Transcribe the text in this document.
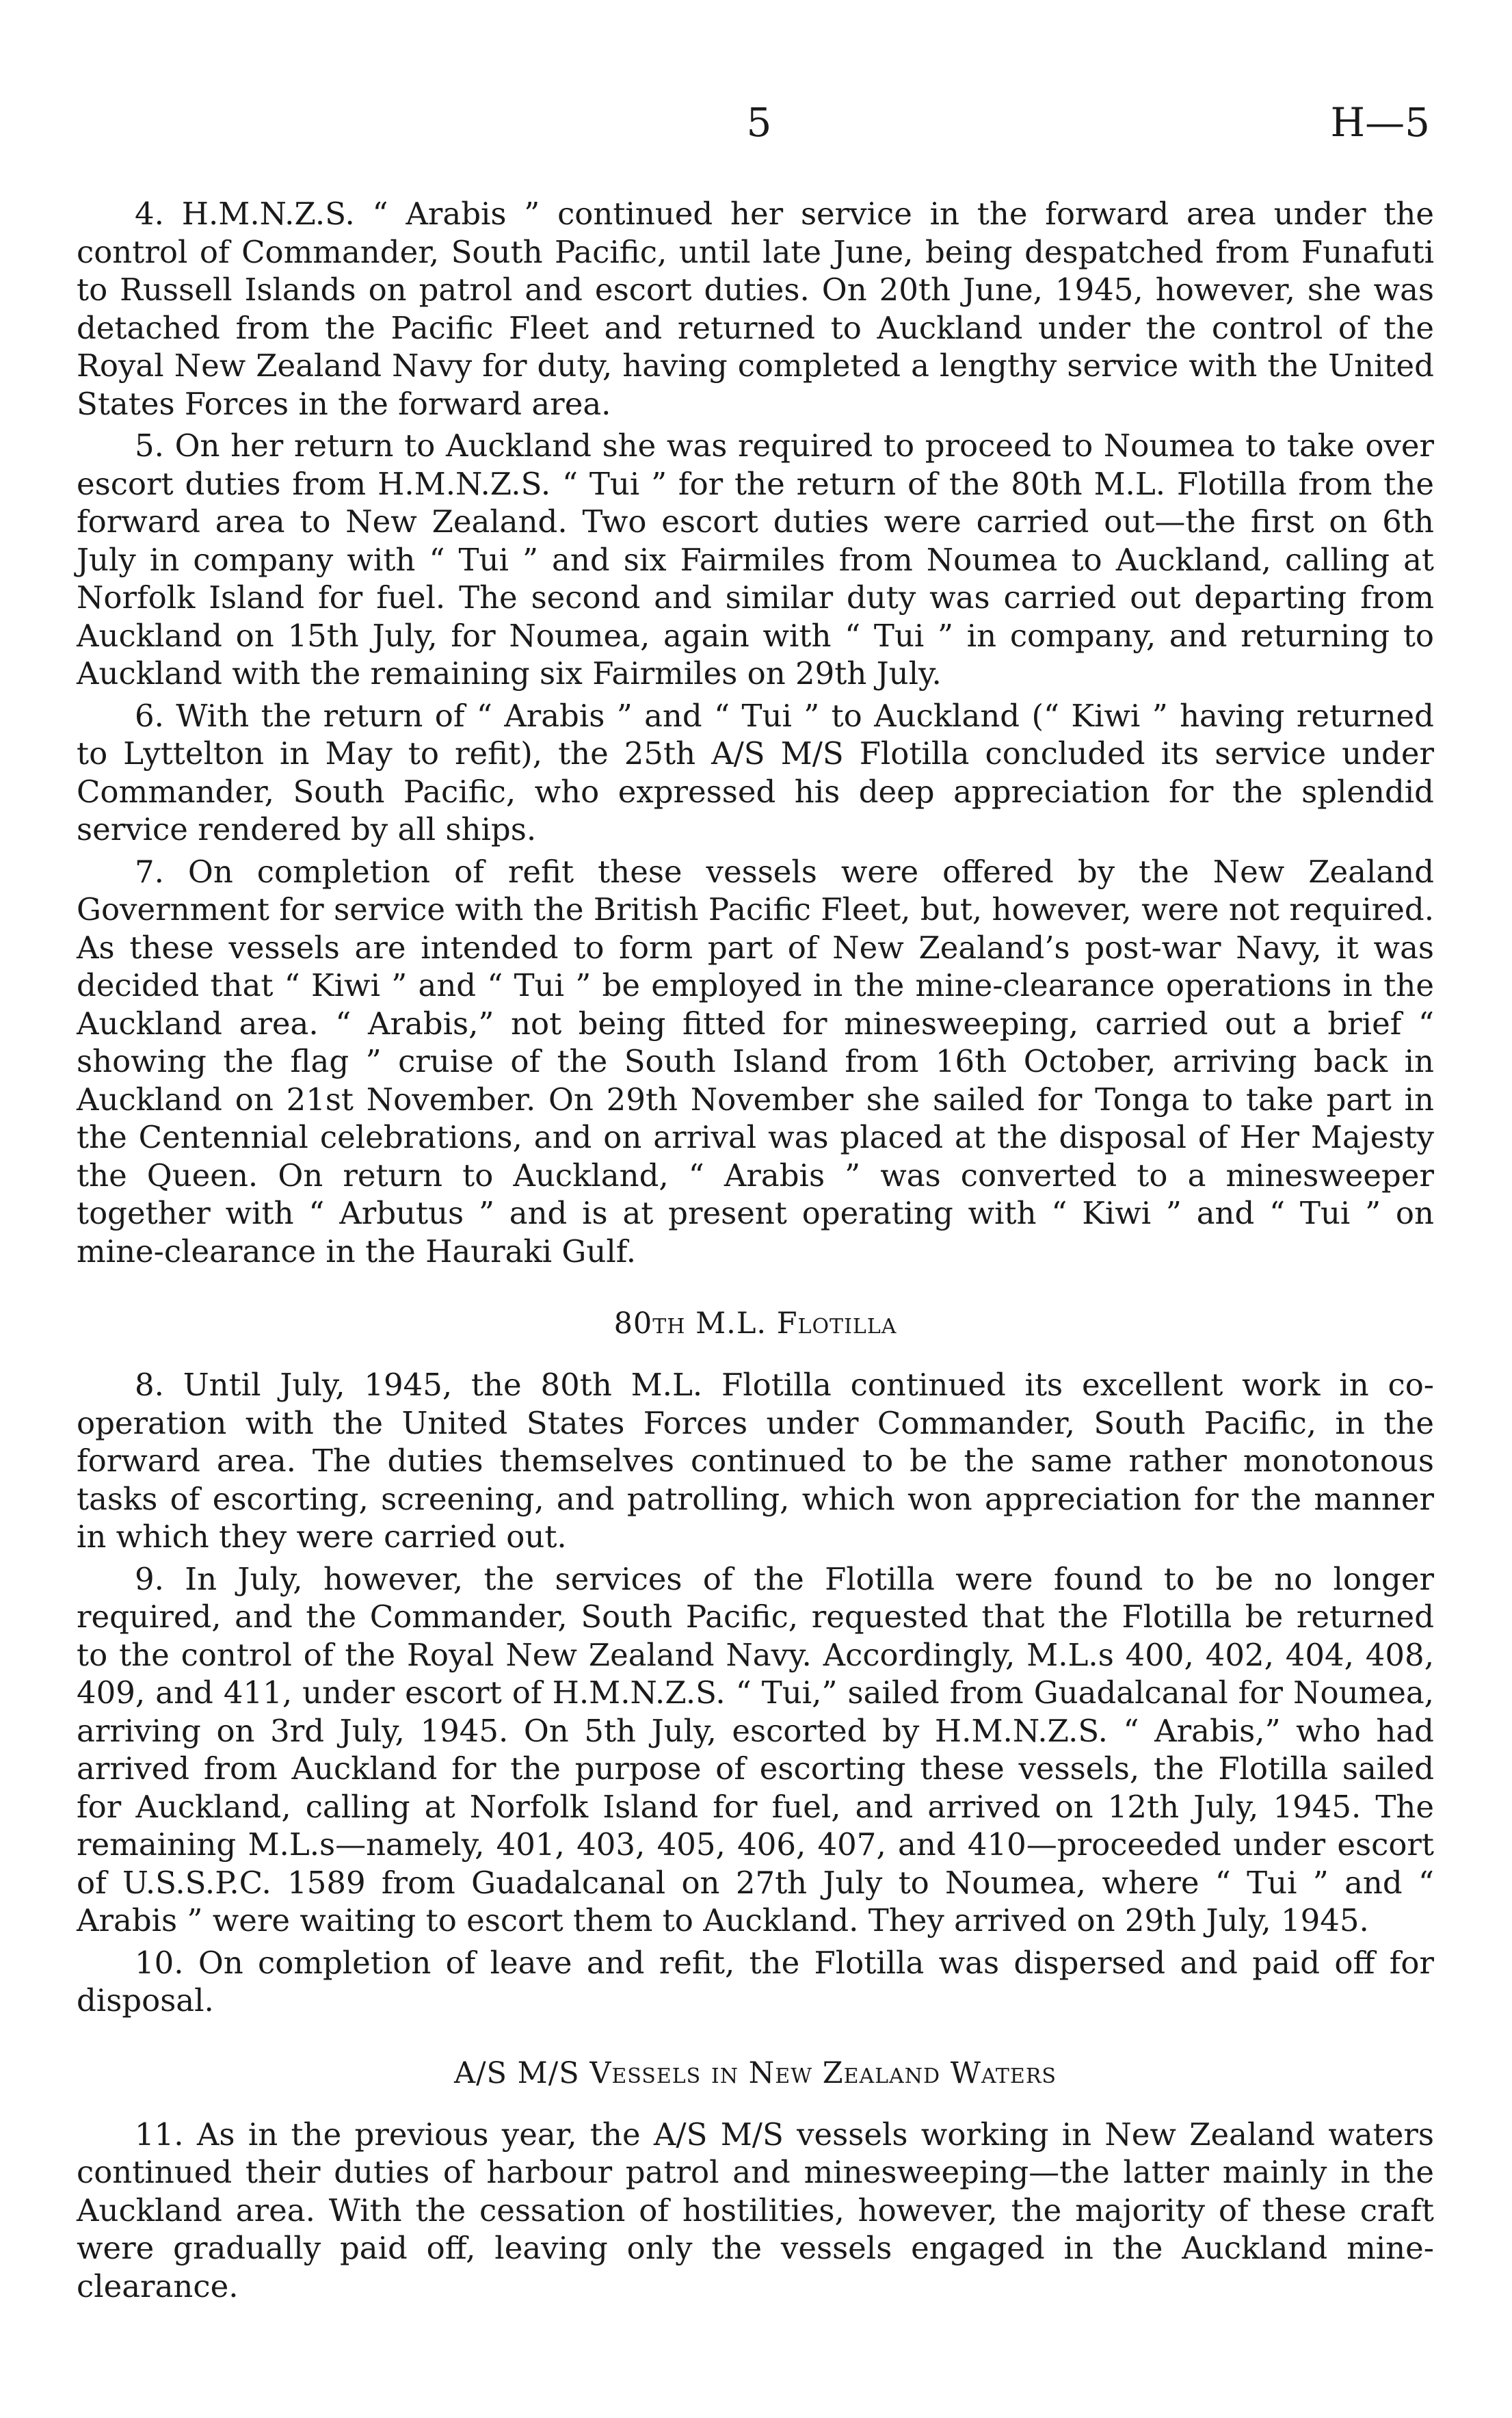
5	H—5

4. H.M.N.Z.S. “ Arabis ” continued her service in the forward area under the control of Commander, South Pacific, until late June, being despatched from Funafuti to Russell Islands on patrol and escort duties. On 20th June, 1945, however, she was detached from the Pacific Fleet and returned to Auckland under the control of the Royal New Zealand Navy for duty, having completed a lengthy service with the United States Forces in the forward area.

5. On her return to Auckland she was required to proceed to Noumea to take over escort duties from H.M.N.Z.S. “ Tui ” for the return of the 80th M.L. Flotilla from the forward area to New Zealand. Two escort duties were carried out—the first on 6th July in company with “ Tui ” and six Fairmiles from Noumea to Auckland, calling at Norfolk Island for fuel. The second and similar duty was carried out departing from Auckland on 15th July, for Noumea, again with “ Tui ” in company, and returning to Auckland with the remaining six Fairmiles on 29th July.

6. With the return of “ Arabis ” and “ Tui ” to Auckland (“ Kiwi ” having returned to Lyttelton in May to refit), the 25th A/S M/S Flotilla concluded its service under Commander, South Pacific, who expressed his deep appreciation for the splendid service rendered by all ships.

7. On completion of refit these vessels were offered by the New Zealand Government for service with the British Pacific Fleet, but, however, were not required. As these vessels are intended to form part of New Zealand’s post-war Navy, it was decided that “ Kiwi ” and “ Tui ” be employed in the mine-clearance operations in the Auckland area. “ Arabis,” not being fitted for minesweeping, carried out a brief “ showing the flag ” cruise of the South Island from 16th October, arriving back in Auckland on 21st November. On 29th November she sailed for Tonga to take part in the Centennial celebrations, and on arrival was placed at the disposal of Her Majesty the Queen. On return to Auckland, “ Arabis ” was converted to a minesweeper together with “ Arbutus ” and is at present operating with “ Kiwi ” and “ Tui ” on mine-clearance in the Hauraki Gulf.

80th M.L. Flotilla

8. Until July, 1945, the 80th M.L. Flotilla continued its excellent work in co-operation with the United States Forces under Commander, South Pacific, in the forward area. The duties themselves continued to be the same rather monotonous tasks of escorting, screening, and patrolling, which won appreciation for the manner in which they were carried out.

9. In July, however, the services of the Flotilla were found to be no longer required, and the Commander, South Pacific, requested that the Flotilla be returned to the control of the Royal New Zealand Navy. Accordingly, M.L.s 400, 402, 404, 408, 409, and 411, under escort of H.M.N.Z.S. “ Tui,” sailed from Guadalcanal for Noumea, arriving on 3rd July, 1945. On 5th July, escorted by H.M.N.Z.S. “ Arabis,” who had arrived from Auckland for the purpose of escorting these vessels, the Flotilla sailed for Auckland, calling at Norfolk Island for fuel, and arrived on 12th July, 1945. The remaining M.L.s—namely, 401, 403, 405, 406, 407, and 410—proceeded under escort of U.S.S.P.C. 1589 from Guadalcanal on 27th July to Noumea, where “ Tui ” and “ Arabis ” were waiting to escort them to Auckland. They arrived on 29th July, 1945.

10. On completion of leave and refit, the Flotilla was dispersed and paid off for disposal.

A/S M/S Vessels in New Zealand Waters

11. As in the previous year, the A/S M/S vessels working in New Zealand waters continued their duties of harbour patrol and minesweeping—the latter mainly in the Auckland area. With the cessation of hostilities, however, the majority of these craft were gradually paid off, leaving only the vessels engaged in the Auckland mine-clearance.
